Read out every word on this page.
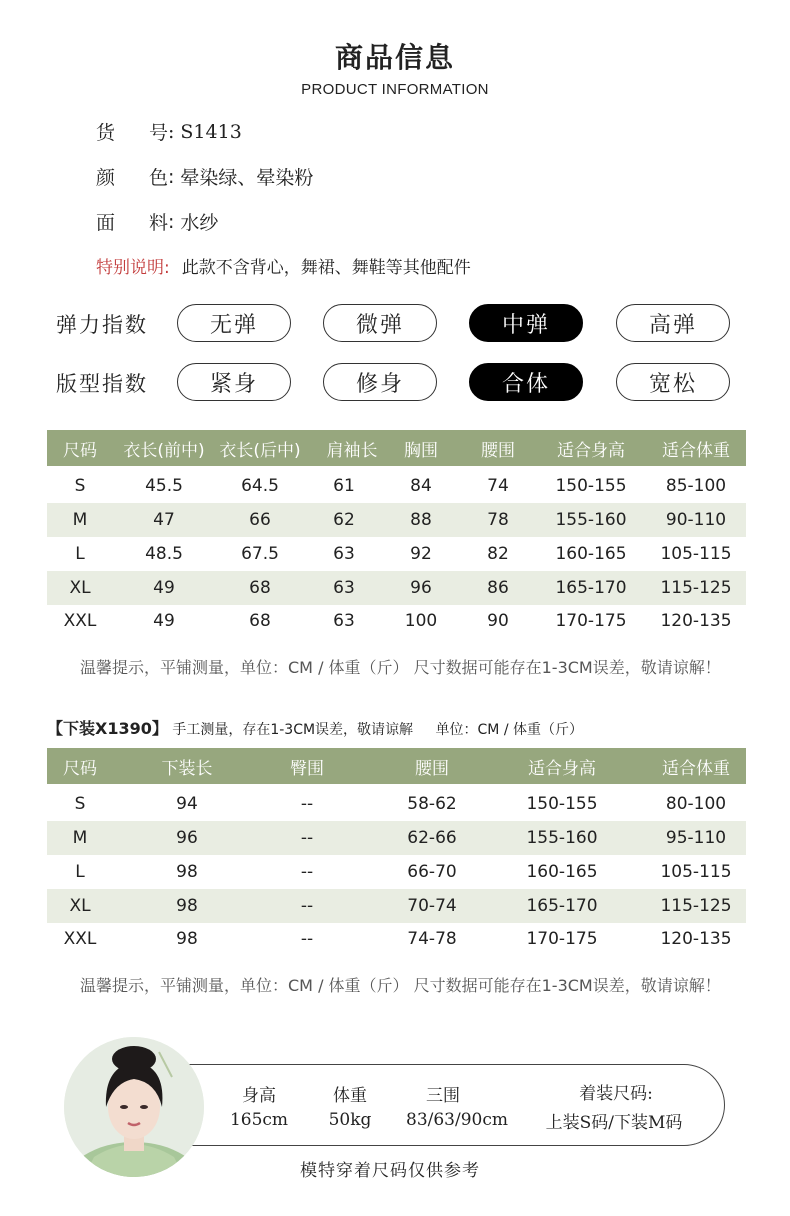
商品信息
PRODUCT INFORMATION
货 号 : S1413
颜 色 : 晕染绿、晕染粉
面 料 : 水纱
特别说明: 此款不含背心，舞裙、舞鞋等其他配件
弹力指数	无弹	微弹	中弹	高弹
版型指数	紧身	修身	合体	宽松
尺码 衣长(前中) 衣长(后中) 肩袖长 胸围	腰围 适合身高 适合体重
S	45.5	64.5	61	84	74	150-155 85-100
M	47	66	62	88	78	155-160 90-110
L	48.5	67.5	63	92	82	160-165 105-115
XL	49	68	63	96	86	165-170 115-125
XXL	49	68	63	100	90	170-175 120-135
温馨提示，平铺测量，单位：CM / 体重（斤） 尺寸数据可能存在1-3CM误差，敬请谅解！
【下装X1390】 手工测量，存在1-3CM误差，敬请谅解 单位：CM / 体重（斤）
尺码	下装长	臀围	腰围	适合身高	适合体重
S	94	--	58-62	150-155	80-100
M	96	--	62-66	155-160	95-110
L	98	--	66-70	160-165	105-115
XL	98	--	70-74	165-170	115-125
XXL	98	--	74-78	170-175	120-135
温馨提示，平铺测量，单位：CM / 体重（斤） 尺寸数据可能存在1-3CM误差，敬请谅解！
身高
165cm
体重
50kg
三围
83/63/90cm
着装尺码:
上装S码/下装M码
模特穿着尺码仅供参考
